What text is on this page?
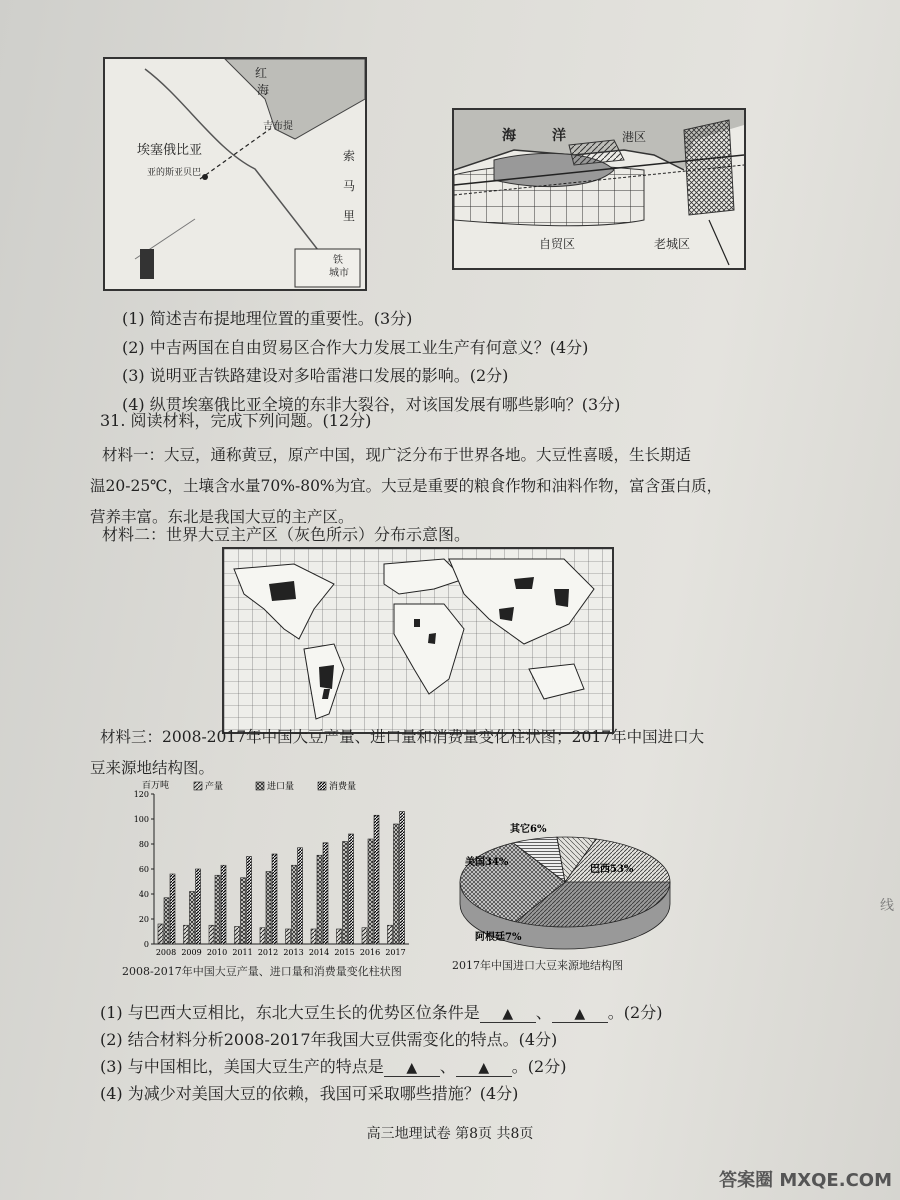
红
海
吉布提
索
马
里
埃塞俄比亚
亚的斯亚贝巴
铁
城市
海	洋	港区
自贸区	老城区
(1) 简述吉布提地理位置的重要性。(3分)
(2) 中吉两国在自由贸易区合作大力发展工业生产有何意义？(4分)
(3) 说明亚吉铁路建设对多哈雷港口发展的影响。(2分)
(4) 纵贯埃塞俄比亚全境的东非大裂谷，对该国发展有哪些影响？(3分)
31. 阅读材料，完成下列问题。(12分)
材料一：大豆，通称黄豆，原产中国，现广泛分布于世界各地。大豆性喜暖，生长期适
温20-25℃，土壤含水量70%-80%为宜。大豆是重要的粮食作物和油料作物，富含蛋白质，
营养丰富。东北是我国大豆的主产区。
材料二：世界大豆主产区（灰色所示）分布示意图。
材料三：2008-2017年中国大豆产量、进口量和消费量变化柱状图；2017年中国进口大
豆来源地结构图。
百万吨
0
20
40
60
80
100
120
2008 2009 2010 2011 2012 2013 2014 2015 2016 2017
产量	进口量	消费量
2008-2017年中国大豆产量、进口量和消费量变化柱状图
巴西53%
美国34%
阿根廷7%
其它6%
2017年中国进口大豆来源地结构图
(1) 与巴西大豆相比，东北大豆生长的优势区位条件是 ▲ 、 ▲ 。(2分)
(2) 结合材料分析2008-2017年我国大豆供需变化的特点。(4分)
(3) 与中国相比，美国大豆生产的特点是 ▲ 、 ▲ 。(2分)
(4) 为减少对美国大豆的依赖，我国可采取哪些措施？(4分)
高三地理试卷 第8页 共8页
线
答案圈 MXQE.COM
